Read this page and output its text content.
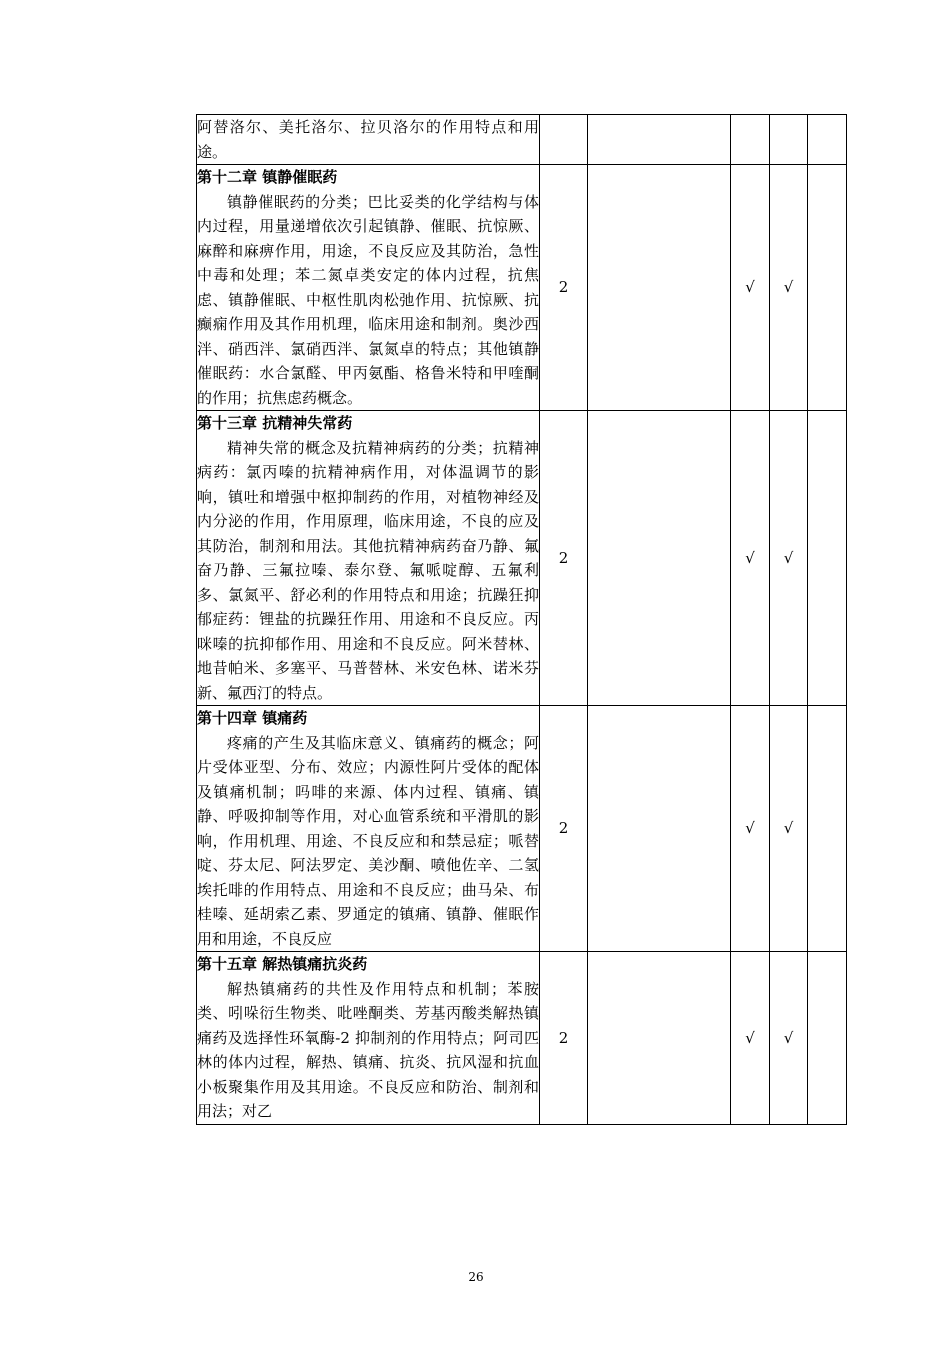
阿替洛尔、美托洛尔、拉贝洛尔的作用特点和用途。					

第十二章 镇静催眠药
镇静催眠药的分类；巴比妥类的化学结构与体内过程，用量递增依次引起镇静、催眠、抗惊厥、麻醉和麻痹作用，用途，不良反应及其防治，急性中毒和处理；苯二氮卓类安定的体内过程，抗焦虑、镇静催眠、中枢性肌肉松弛作用、抗惊厥、抗癫痫作用及其作用机理，临床用途和制剂。奥沙西泮、硝西泮、氯硝西泮、氯氮卓的特点；其他镇静催眠药：水合氯醛、甲丙氨酯、格鲁米特和甲喹酮的作用；抗焦虑药概念。	2		√	√	

第十三章 抗精神失常药
精神失常的概念及抗精神病药的分类；抗精神病药：氯丙嗪的抗精神病作用，对体温调节的影响，镇吐和增强中枢抑制药的作用，对植物神经及内分泌的作用，作用原理，临床用途，不良的应及其防治，制剂和用法。其他抗精神病药奋乃静、氟奋乃静、三氟拉嗪、泰尔登、氟哌啶醇、五氟利多、氯氮平、舒必利的作用特点和用途；抗躁狂抑郁症药：锂盐的抗躁狂作用、用途和不良反应。丙咪嗪的抗抑郁作用、用途和不良反应。阿米替林、地昔帕米、多塞平、马普替林、米安色林、诺米芬新、氟西汀的特点。	2		√	√	

第十四章 镇痛药
疼痛的产生及其临床意义、镇痛药的概念；阿片受体亚型、分布、效应；内源性阿片受体的配体及镇痛机制；吗啡的来源、体内过程、镇痛、镇静、呼吸抑制等作用，对心血管系统和平滑肌的影响，作用机理、用途、不良反应和和禁忌症；哌替啶、芬太尼、阿法罗定、美沙酮、喷他佐辛、二氢埃托啡的作用特点、用途和不良反应；曲马朵、布桂嗪、延胡索乙素、罗通定的镇痛、镇静、催眠作用和用途，不良反应	2		√	√	

第十五章 解热镇痛抗炎药
解热镇痛药的共性及作用特点和机制；苯胺类、吲哚衍生物类、吡唑酮类、芳基丙酸类解热镇痛药及选择性环氧酶-2 抑制剂的作用特点；阿司匹林的体内过程，解热、镇痛、抗炎、抗风湿和抗血小板聚集作用及其用途。不良反应和防治、制剂和用法；对乙	2		√	√	
26
